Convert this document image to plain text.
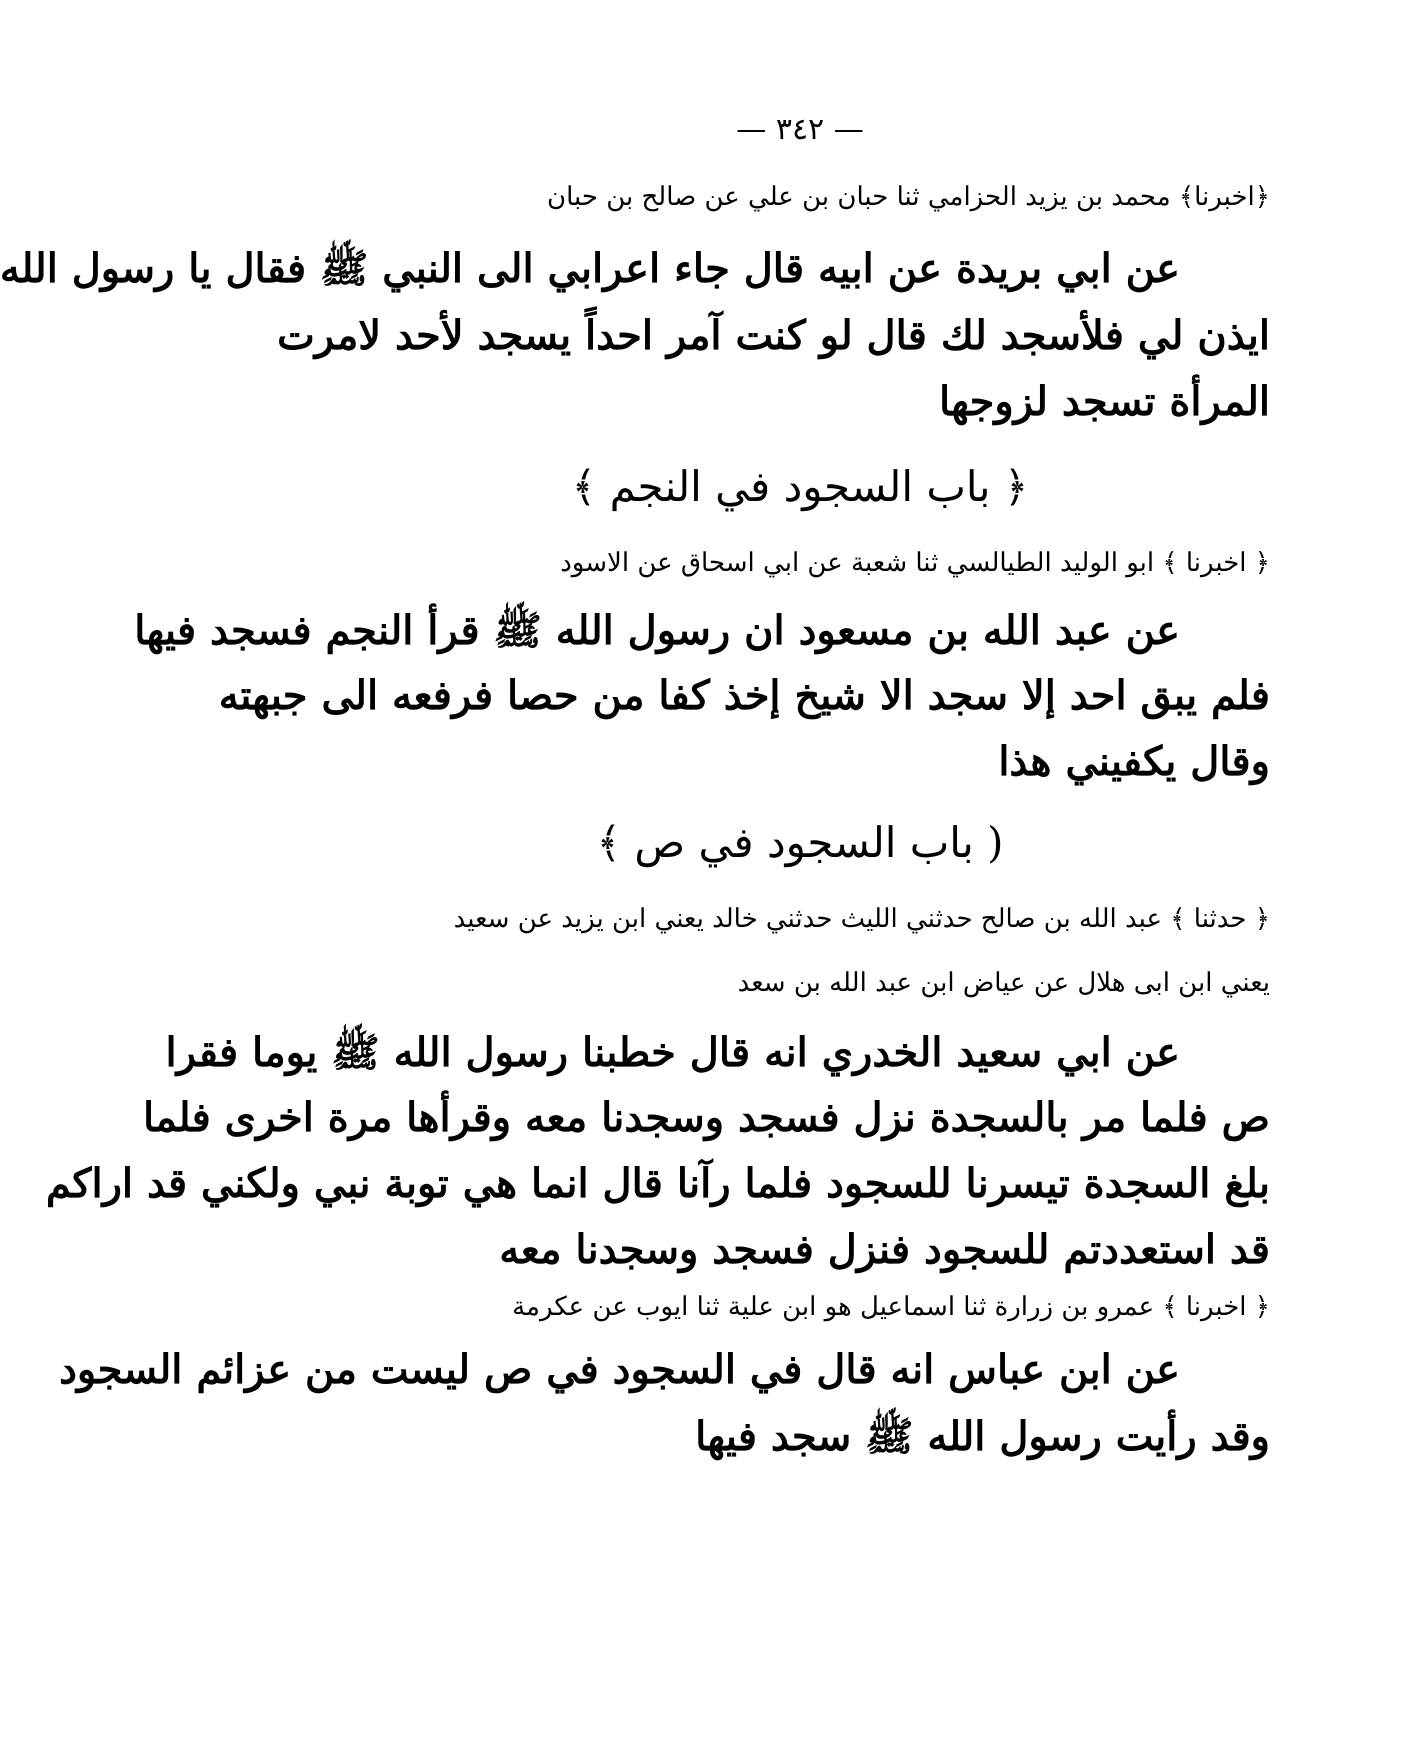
— ٣٤٢ —
﴿اخبرنا﴾ محمد بن يزيد الحزامي ثنا حبان بن علي عن صالح بن حبان
عن ابي بريدة عن ابيه قال جاء اعرابي الى النبي ﷺ فقال يا رسول الله
ايذن لي فلأسجد لك قال لو كنت آمر احداً يسجد لأحد لامرت
المرأة تسجد لزوجها
﴿ باب السجود في النجم ﴾
﴿ اخبرنا ﴾ ابو الوليد الطيالسي ثنا شعبة عن ابي اسحاق عن الاسود
عن عبد الله بن مسعود ان رسول الله ﷺ قرأ النجم فسجد فيها
فلم يبق احد إلا سجد الا شيخ إخذ كفا من حصا فرفعه الى جبهته
وقال يكفيني هذا
( باب السجود في ص ﴾
﴿ حدثنا ﴾ عبد الله بن صالح حدثني الليث حدثني خالد يعني ابن يزيد عن سعيد
يعني ابن ابى هلال عن عياض ابن عبد الله بن سعد
عن ابي سعيد الخدري انه قال خطبنا رسول الله ﷺ يوما فقرا
ص فلما مر بالسجدة نزل فسجد وسجدنا معه وقرأها مرة اخرى فلما
بلغ السجدة تيسرنا للسجود فلما رآنا قال انما هي توبة نبي ولكني قد اراكم
قد استعددتم للسجود فنزل فسجد وسجدنا معه
﴿ اخبرنا ﴾ عمرو بن زرارة ثنا اسماعيل هو ابن علية ثنا ايوب عن عكرمة
عن ابن عباس انه قال في السجود في ص ليست من عزائم السجود
وقد رأيت رسول الله ﷺ سجد فيها
